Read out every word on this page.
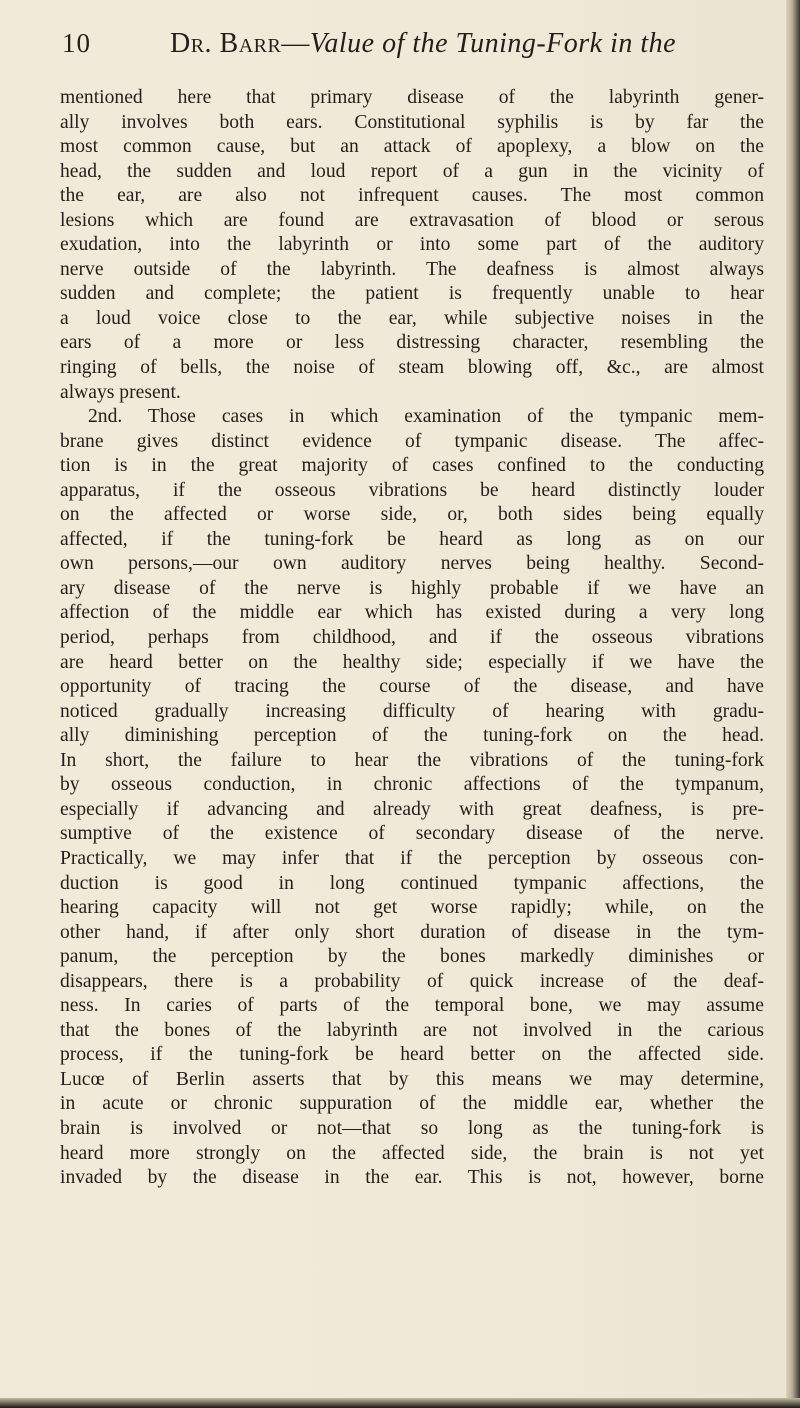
10	Dr. Barr—Value of the Tuning-Fork in the
mentioned here that primary disease of the labyrinth gener-
ally involves both ears. Constitutional syphilis is by far the
most common cause, but an attack of apoplexy, a blow on the
head, the sudden and loud report of a gun in the vicinity of
the ear, are also not infrequent causes. The most common
lesions which are found are extravasation of blood or serous
exudation, into the labyrinth or into some part of the auditory
nerve outside of the labyrinth. The deafness is almost always
sudden and complete; the patient is frequently unable to hear
a loud voice close to the ear, while subjective noises in the
ears of a more or less distressing character, resembling the
ringing of bells, the noise of steam blowing off, &c., are almost
always present.
2nd. Those cases in which examination of the tympanic mem-
brane gives distinct evidence of tympanic disease. The affec-
tion is in the great majority of cases confined to the conducting
apparatus, if the osseous vibrations be heard distinctly louder
on the affected or worse side, or, both sides being equally
affected, if the tuning-fork be heard as long as on our
own persons,—our own auditory nerves being healthy. Second-
ary disease of the nerve is highly probable if we have an
affection of the middle ear which has existed during a very long
period, perhaps from childhood, and if the osseous vibrations
are heard better on the healthy side; especially if we have the
opportunity of tracing the course of the disease, and have
noticed gradually increasing difficulty of hearing with gradu-
ally diminishing perception of the tuning-fork on the head.
In short, the failure to hear the vibrations of the tuning-fork
by osseous conduction, in chronic affections of the tympanum,
especially if advancing and already with great deafness, is pre-
sumptive of the existence of secondary disease of the nerve.
Practically, we may infer that if the perception by osseous con-
duction is good in long continued tympanic affections, the
hearing capacity will not get worse rapidly; while, on the
other hand, if after only short duration of disease in the tym-
panum, the perception by the bones markedly diminishes or
disappears, there is a probability of quick increase of the deaf-
ness. In caries of parts of the temporal bone, we may assume
that the bones of the labyrinth are not involved in the carious
process, if the tuning-fork be heard better on the affected side.
Lucœ of Berlin asserts that by this means we may determine,
in acute or chronic suppuration of the middle ear, whether the
brain is involved or not—that so long as the tuning-fork is
heard more strongly on the affected side, the brain is not yet
invaded by the disease in the ear. This is not, however, borne
